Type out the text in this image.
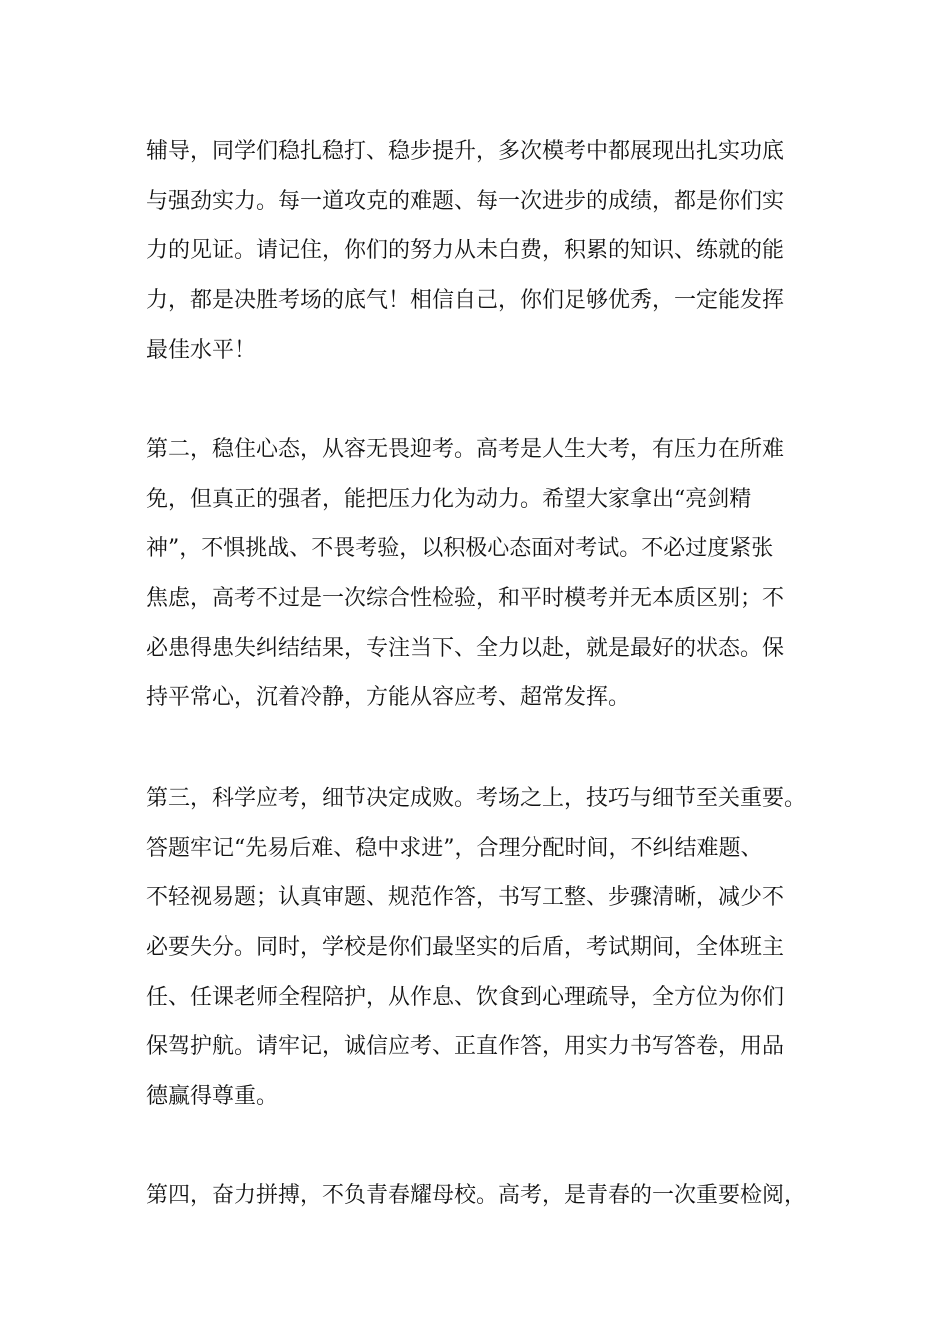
辅导，同学们稳扎稳打、稳步提升，多次模考中都展现出扎实功底
与强劲实力。每一道攻克的难题、每一次进步的成绩，都是你们实
力的见证。请记住，你们的努力从未白费，积累的知识、练就的能
力，都是决胜考场的底气！相信自己，你们足够优秀，一定能发挥
最佳水平！
第二，稳住心态，从容无畏迎考。高考是人生大考，有压力在所难
免，但真正的强者，能把压力化为动力。希望大家拿出“亮剑精
神”，不惧挑战、不畏考验，以积极心态面对考试。不必过度紧张
焦虑，高考不过是一次综合性检验，和平时模考并无本质区别；不
必患得患失纠结结果，专注当下、全力以赴，就是最好的状态。保
持平常心，沉着冷静，方能从容应考、超常发挥。
第三，科学应考，细节决定成败。考场之上，技巧与细节至关重要。
答题牢记“先易后难、稳中求进”，合理分配时间，不纠结难题、
不轻视易题；认真审题、规范作答，书写工整、步骤清晰，减少不
必要失分。同时，学校是你们最坚实的后盾，考试期间，全体班主
任、任课老师全程陪护，从作息、饮食到心理疏导，全方位为你们
保驾护航。请牢记，诚信应考、正直作答，用实力书写答卷，用品
德赢得尊重。
第四，奋力拼搏，不负青春耀母校。高考，是青春的一次重要检阅，
